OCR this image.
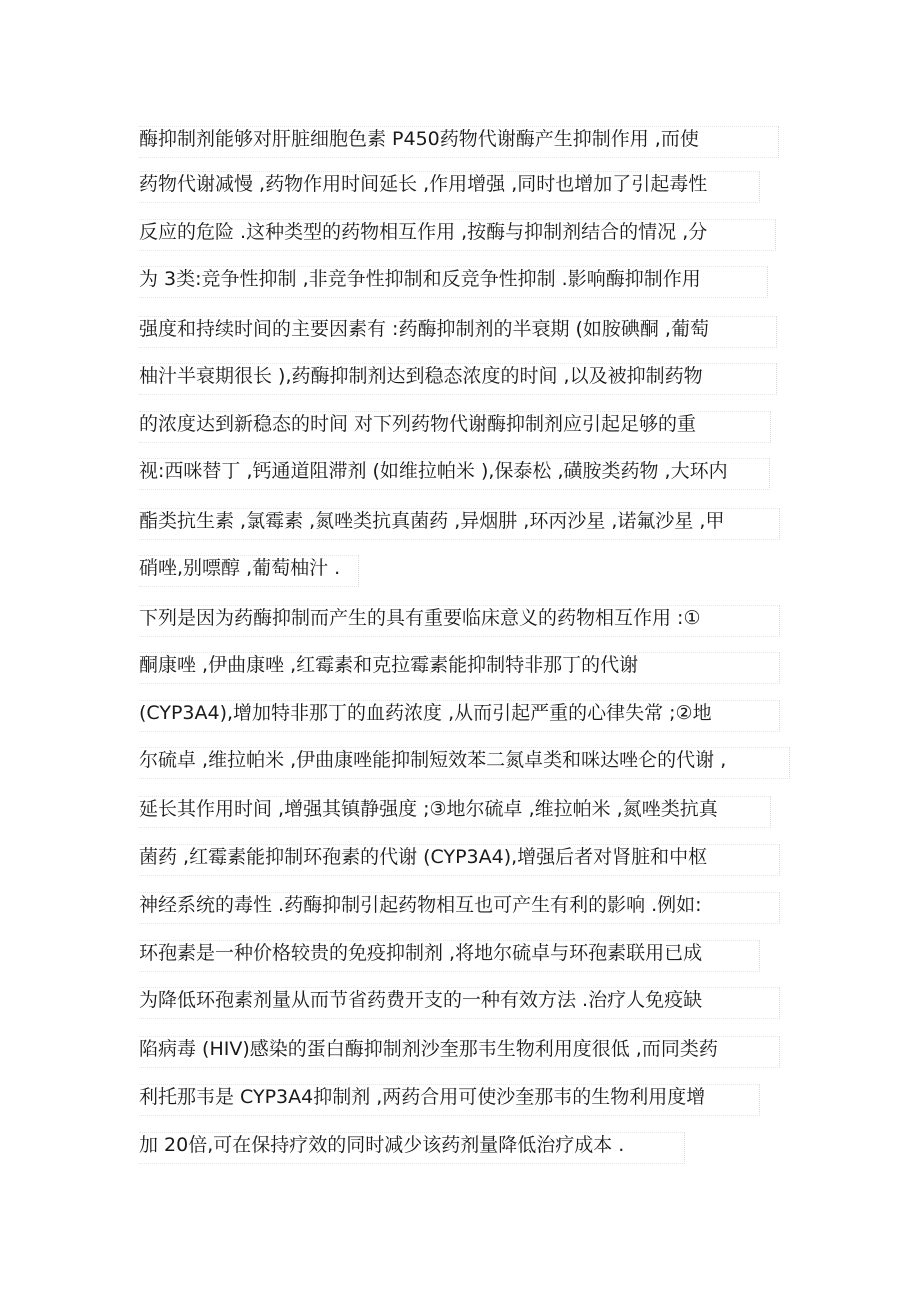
酶抑制剂能够对肝脏细胞色素 P450药物代谢酶产生抑制作用 ,而使
药物代谢减慢 ,药物作用时间延长 ,作用增强 ,同时也增加了引起毒性
反应的危险 .这种类型的药物相互作用 ,按酶与抑制剂结合的情况 ,分
为 3类:竞争性抑制 ,非竞争性抑制和反竞争性抑制 .影响酶抑制作用
强度和持续时间的主要因素有 :药酶抑制剂的半衰期 (如胺碘酮 ,葡萄
柚汁半衰期很长 ),药酶抑制剂达到稳态浓度的时间 ,以及被抑制药物
的浓度达到新稳态的时间 对下列药物代谢酶抑制剂应引起足够的重
视:西咪替丁 ,钙通道阻滞剂 (如维拉帕米 ),保泰松 ,磺胺类药物 ,大环内
酯类抗生素 ,氯霉素 ,氮唑类抗真菌药 ,异烟肼 ,环丙沙星 ,诺氟沙星 ,甲
硝唑,别嘌醇 ,葡萄柚汁 .
下列是因为药酶抑制而产生的具有重要临床意义的药物相互作用 :①
酮康唑 ,伊曲康唑 ,红霉素和克拉霉素能抑制特非那丁的代谢
(CYP3A4),增加特非那丁的血药浓度 ,从而引起严重的心律失常 ;②地
尔硫卓 ,维拉帕米 ,伊曲康唑能抑制短效苯二氮卓类和咪达唑仑的代谢 ,
延长其作用时间 ,增强其镇静强度 ;③地尔硫卓 ,维拉帕米 ,氮唑类抗真
菌药 ,红霉素能抑制环孢素的代谢 (CYP3A4),增强后者对肾脏和中枢
神经系统的毒性 .药酶抑制引起药物相互也可产生有利的影响 .例如:
环孢素是一种价格较贵的免疫抑制剂 ,将地尔硫卓与环孢素联用已成
为降低环孢素剂量从而节省药费开支的一种有效方法 .治疗人免疫缺
陷病毒 (HIV)感染的蛋白酶抑制剂沙奎那韦生物利用度很低 ,而同类药
利托那韦是 CYP3A4抑制剂 ,两药合用可使沙奎那韦的生物利用度增
加 20倍,可在保持疗效的同时减少该药剂量降低治疗成本 .
